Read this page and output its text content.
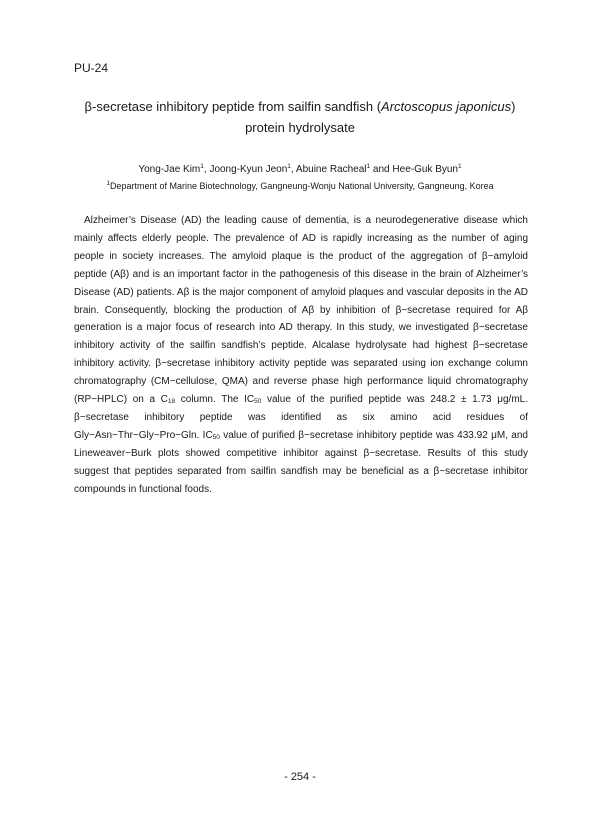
PU-24
β-secretase inhibitory peptide from sailfin sandfish (Arctoscopus japonicus)
protein hydrolysate
Yong-Jae Kim$^1$, Joong-Kyun Jeon$^1$, Abuine Racheal$^1$ and Hee-Guk Byun$^1$
$^1$Department of Marine Biotechnology, Gangneung-Wonju National University, Gangneung, Korea

Alzheimer’s Disease (AD) the leading cause of dementia, is a neurodegenerative disease which mainly affects elderly people. The prevalence of AD is rapidly increasing as the number of aging people in society increases. The amyloid plaque is the product of the aggregation of β−amyloid peptide (Aβ) and is an important factor in the pathogenesis of this disease in the brain of Alzheimer’s Disease (AD) patients. Aβ is the major component of amyloid plaques and vascular deposits in the AD brain. Consequently, blocking the production of Aβ by inhibition of β−secretase required for Aβ generation is a major focus of research into AD therapy. In this study, we investigated β−secretase inhibitory activity of the sailfin sandfish’s peptide. Alcalase hydrolysate had highest β−secretase inhibitory activity. β−secretase inhibitory activity peptide was separated using ion exchange column chromatography (CM−cellulose, QMA) and reverse phase high performance liquid chromatography (RP−HPLC) on a $C_{18}$ column. The $IC_{50}$ value of the purified peptide was 248.2 ± 1.73 μg/mL. β−secretase inhibitory peptide was identified as six amino acid residues of Gly−Asn−Thr−Gly−Pro−Gln. $IC_{50}$ value of purified β−secretase inhibitory peptide was 433.92 μM, and Lineweaver−Burk plots showed competitive inhibitor against β−secretase. Results of this study suggest that peptides separated from sailfin sandfish may be beneficial as a β−secretase inhibitor compounds in functional foods.

- 254 -
